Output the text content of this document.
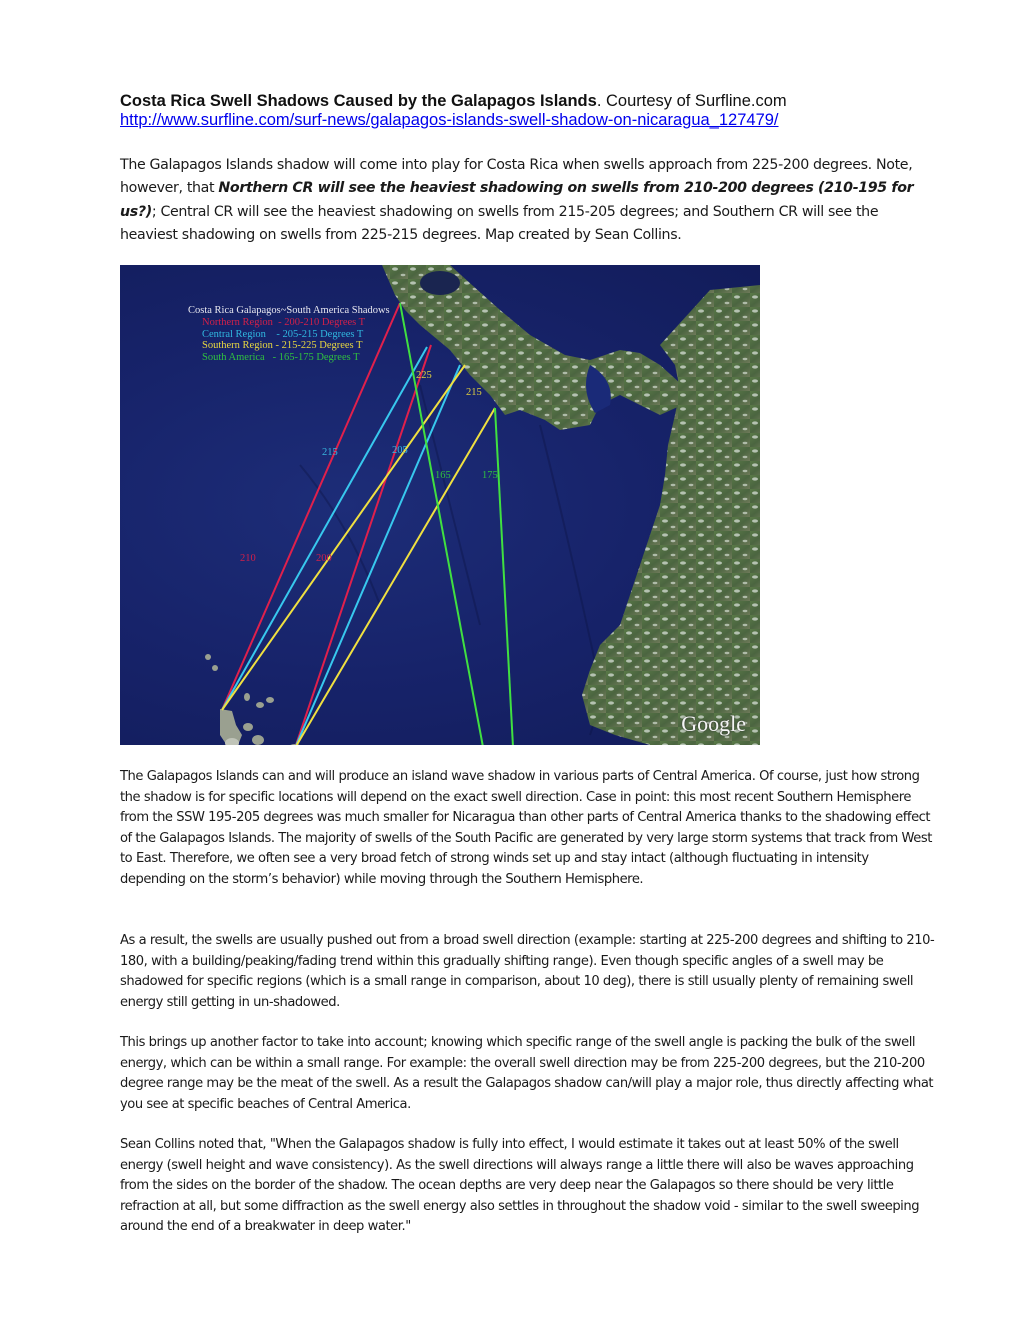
Costa Rica Swell Shadows Caused by the Galapagos Islands. Courtesy of Surfline.com
http://www.surfline.com/surf-news/galapagos-islands-swell-shadow-on-nicaragua_127479/

The Galapagos Islands shadow will come into play for Costa Rica when swells approach from 225-200 degrees. Note, however, that Northern CR will see the heaviest shadowing on swells from 210-200 degrees (210-195 for us?); Central CR will see the heaviest shadowing on swells from 215-205 degrees; and Southern CR will see the heaviest shadowing on swells from 225-215 degrees. Map created by Sean Collins.

Costa Rica Galapagos~South America Shadows
Northern Region  - 200-210 Degrees T
Central Region    - 205-215 Degrees T
Southern Region - 215-225 Degrees T
South America   - 165-175 Degrees T
210	200
215	205
225
215
165	175
Google

The Galapagos Islands can and will produce an island wave shadow in various parts of Central America. Of course, just how strong the shadow is for specific locations will depend on the exact swell direction. Case in point: this most recent Southern Hemisphere from the SSW 195-205 degrees was much smaller for Nicaragua than other parts of Central America thanks to the shadowing effect of the Galapagos Islands. The majority of swells of the South Pacific are generated by very large storm systems that track from West to East. Therefore, we often see a very broad fetch of strong winds set up and stay intact (although fluctuating in intensity depending on the storm’s behavior) while moving through the Southern Hemisphere.

As a result, the swells are usually pushed out from a broad swell direction (example: starting at 225-200 degrees and shifting to 210-180, with a building/peaking/fading trend within this gradually shifting range). Even though specific angles of a swell may be shadowed for specific regions (which is a small range in comparison, about 10 deg), there is still usually plenty of remaining swell energy still getting in un-shadowed.

This brings up another factor to take into account; knowing which specific range of the swell angle is packing the bulk of the swell energy, which can be within a small range. For example: the overall swell direction may be from 225-200 degrees, but the 210-200 degree range may be the meat of the swell. As a result the Galapagos shadow can/will play a major role, thus directly affecting what you see at specific beaches of Central America.

Sean Collins noted that, "When the Galapagos shadow is fully into effect, I would estimate it takes out at least 50% of the swell energy (swell height and wave consistency). As the swell directions will always range a little there will also be waves approaching from the sides on the border of the shadow. The ocean depths are very deep near the Galapagos so there should be very little refraction at all, but some diffraction as the swell energy also settles in throughout the shadow void - similar to the swell sweeping around the end of a breakwater in deep water."
